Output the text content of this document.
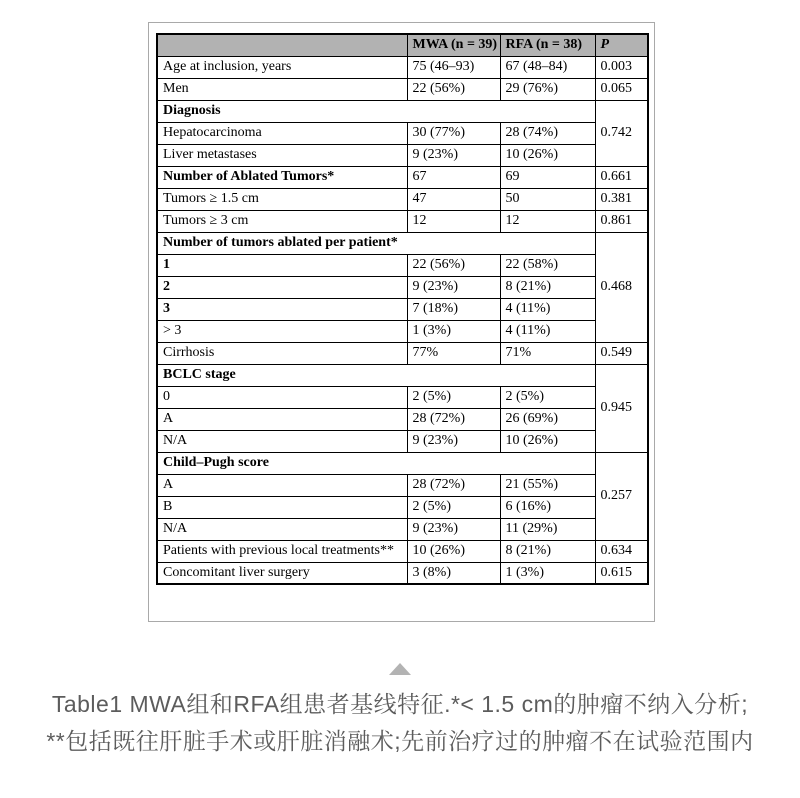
	MWA (n = 39)	RFA (n = 38)	P
Age at inclusion, years	75 (46–93)	67 (48–84)	0.003
Men	22 (56%)	29 (76%)	0.065
Diagnosis			0.742
Hepatocarcinoma	30 (77%)	28 (74%)	
Liver metastases	9 (23%)	10 (26%)	
Number of Ablated Tumors*	67	69	0.661
Tumors ≥ 1.5 cm	47	50	0.381
Tumors ≥ 3 cm	12	12	0.861
Number of tumors ablated per patient*			0.468
1	22 (56%)	22 (58%)	
2	9 (23%)	8 (21%)	
3	7 (18%)	4 (11%)	
> 3	1 (3%)	4 (11%)	
Cirrhosis	77%	71%	0.549
BCLC stage			0.945
0	2 (5%)	2 (5%)	
A	28 (72%)	26 (69%)	
N/A	9 (23%)	10 (26%)	
Child–Pugh score			0.257
A	28 (72%)	21 (55%)	
B	2 (5%)	6 (16%)	
N/A	9 (23%)	11 (29%)	
Patients with previous local treatments**	10 (26%)	8 (21%)	0.634
Concomitant liver surgery	3 (8%)	1 (3%)	0.615
Table1 MWA组和RFA组患者基线特征.*< 1.5 cm的肿瘤不纳入分析;
**包括既往肝脏手术或肝脏消融术;先前治疗过的肿瘤不在试验范围内
